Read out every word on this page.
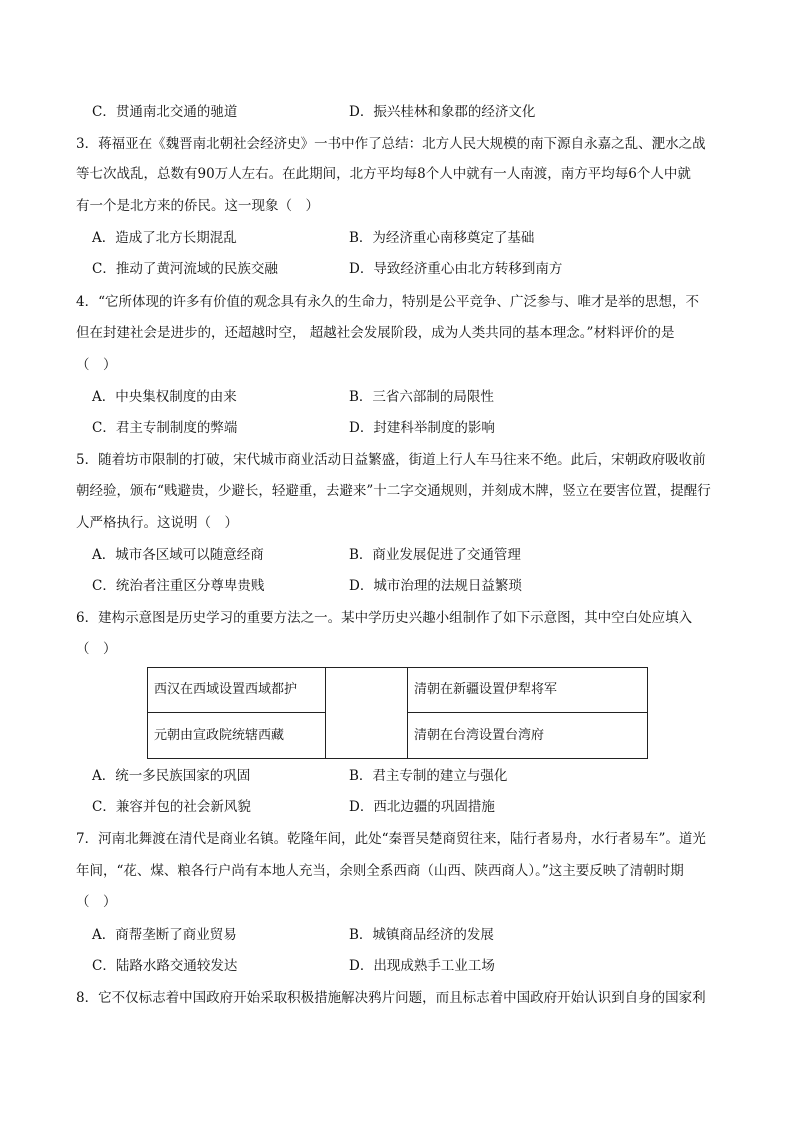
C．贯通南北交通的驰道	D．振兴桂林和象郡的经济文化
3．蒋福亚在《魏晋南北朝社会经济史》一书中作了总结：北方人民大规模的南下源自永嘉之乱、淝水之战
等七次战乱，总数有90万人左右。在此期间，北方平均每8个人中就有一人南渡，南方平均每6个人中就
有一个是北方来的侨民。这一现象（　）
A．造成了北方长期混乱	B．为经济重心南移奠定了基础
C．推动了黄河流域的民族交融	D．导致经济重心由北方转移到南方
4．“它所体现的许多有价值的观念具有永久的生命力，特别是公平竞争、广泛参与、唯才是举的思想，不
但在封建社会是进步的，还超越时空， 超越社会发展阶段，成为人类共同的基本理念。”材料评价的是
（　）
A．中央集权制度的由来	B．三省六部制的局限性
C．君主专制制度的弊端	D．封建科举制度的影响
5．随着坊市限制的打破，宋代城市商业活动日益繁盛，街道上行人车马往来不绝。此后，宋朝政府吸收前
朝经验，颁布“贱避贵，少避长，轻避重，去避来”十二字交通规则，并刻成木牌，竖立在要害位置，提醒行
人严格执行。这说明（　）
A．城市各区域可以随意经商	B．商业发展促进了交通管理
C．统治者注重区分尊卑贵贱	D．城市治理的法规日益繁琐
6．建构示意图是历史学习的重要方法之一。某中学历史兴趣小组制作了如下示意图，其中空白处应填入
（　）
西汉在西域设置西域都护		清朝在新疆设置伊犁将军
元朝由宣政院统辖西藏		清朝在台湾设置台湾府
A．统一多民族国家的巩固	B．君主专制的建立与强化
C．兼容并包的社会新风貌	D．西北边疆的巩固措施
7．河南北舞渡在清代是商业名镇。乾隆年间，此处“秦晋吴楚商贸往来，陆行者易舟，水行者易车”。道光
年间，“花、煤、粮各行户尚有本地人充当，余则全系西商（山西、陕西商人）。”这主要反映了清朝时期
（　）
A．商帮垄断了商业贸易	B．城镇商品经济的发展
C．陆路水路交通较发达	D．出现成熟手工业工场
8．它不仅标志着中国政府开始采取积极措施解决鸦片问题，而且标志着中国政府开始认识到自身的国家利
